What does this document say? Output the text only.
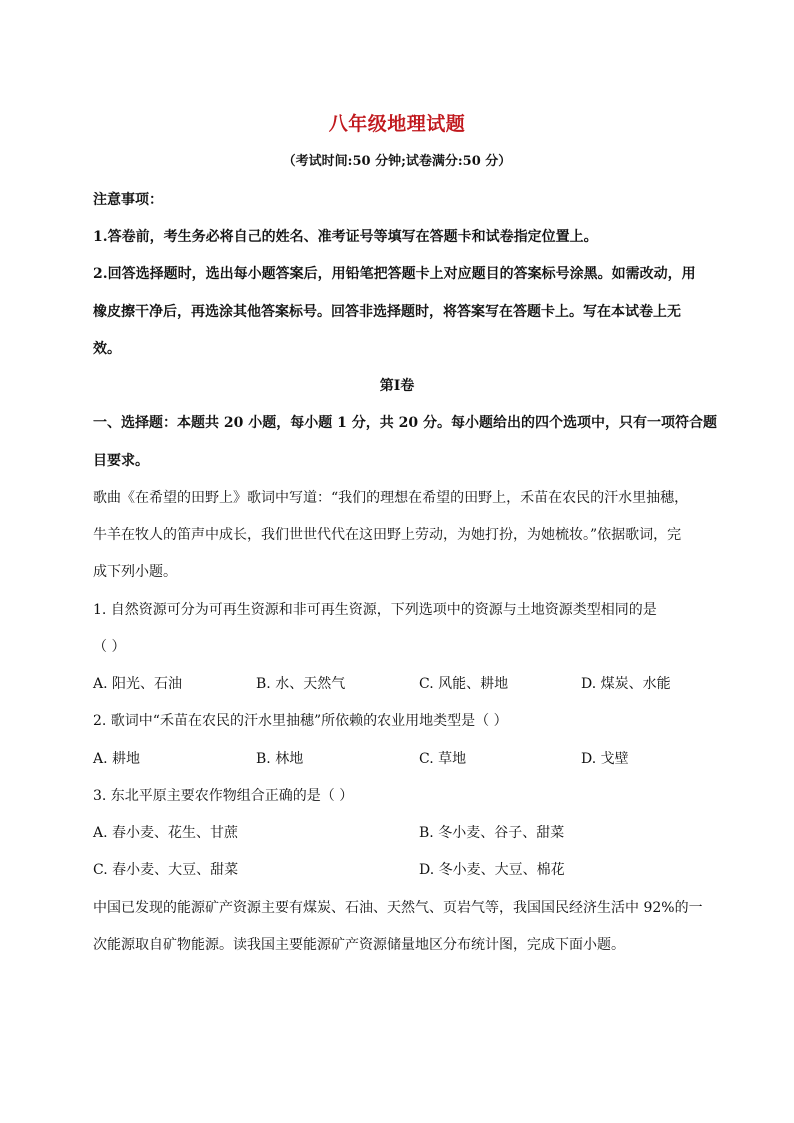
八年级地理试题
（考试时间:50 分钟;试卷满分:50 分）
注意事项：
1.答卷前，考生务必将自己的姓名、准考证号等填写在答题卡和试卷指定位置上。
2.回答选择题时，选出每小题答案后，用铅笔把答题卡上对应题目的答案标号涂黑。如需改动，用
橡皮擦干净后，再选涂其他答案标号。回答非选择题时，将答案写在答题卡上。写在本试卷上无
效。
第Ⅰ卷
一、选择题：本题共 20 小题，每小题 1 分，共 20 分。每小题给出的四个选项中，只有一项符合题
目要求。
歌曲《在希望的田野上》歌词中写道：“我们的理想在希望的田野上，禾苗在农民的汗水里抽穗，
牛羊在牧人的笛声中成长，我们世世代代在这田野上劳动，为她打扮，为她梳妆。”依据歌词，完
成下列小题。
1. 自然资源可分为可再生资源和非可再生资源，下列选项中的资源与土地资源类型相同的是
（ ）
A. 阳光、石油	B. 水、天然气	C. 风能、耕地	D. 煤炭、水能
2. 歌词中“禾苗在农民的汗水里抽穗”所依赖的农业用地类型是（ ）
A. 耕地	B. 林地	C. 草地	D. 戈壁
3. 东北平原主要农作物组合正确的是（ ）
A. 春小麦、花生、甘蔗	B. 冬小麦、谷子、甜菜
C. 春小麦、大豆、甜菜	D. 冬小麦、大豆、棉花
中国已发现的能源矿产资源主要有煤炭、石油、天然气、页岩气等，我国国民经济生活中 92%的一
次能源取自矿物能源。读我国主要能源矿产资源储量地区分布统计图，完成下面小题。
